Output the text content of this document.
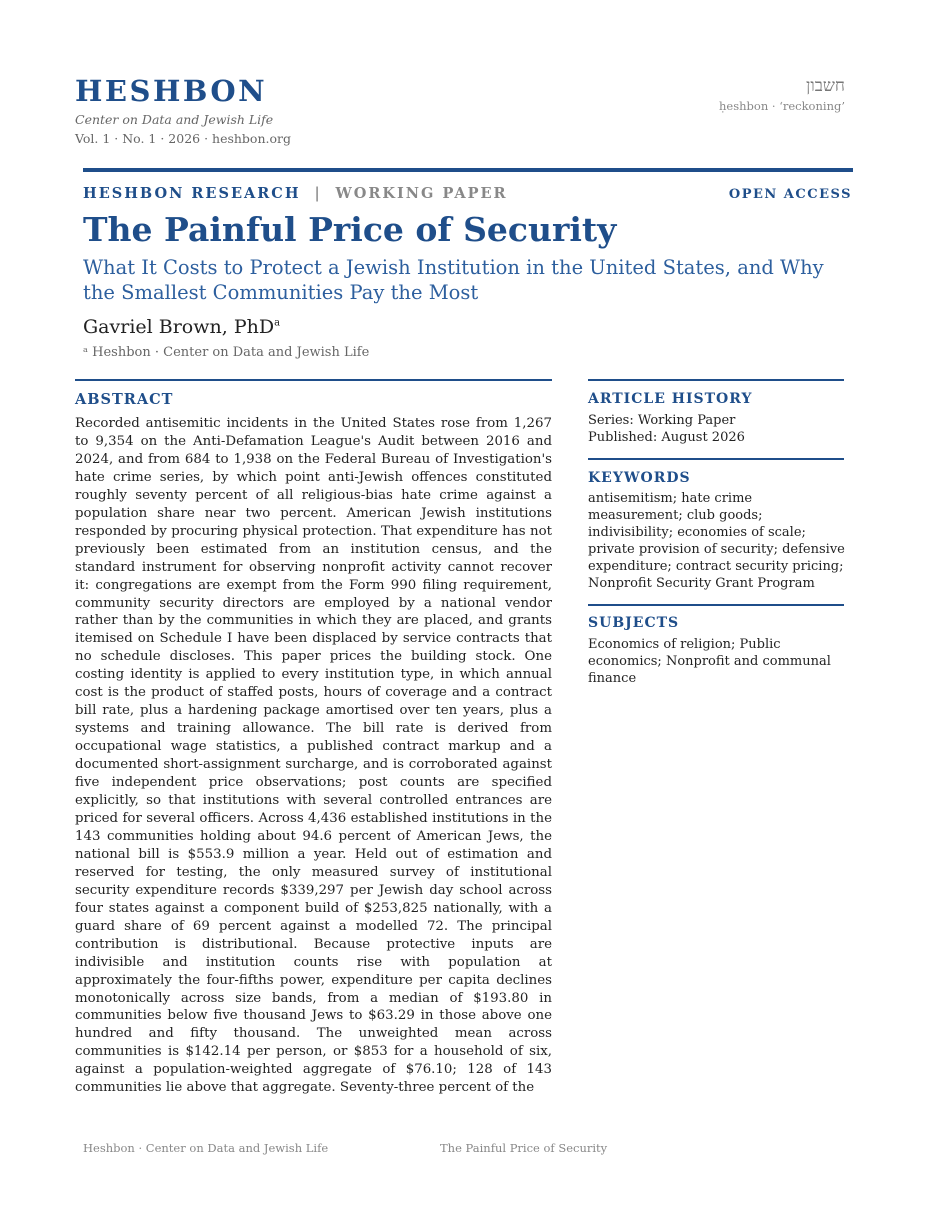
HESHBON
Center on Data and Jewish Life
Vol. 1 · No. 1 · 2026 · heshbon.org
חשבון
ḥeshbon · ‘reckoning’
HESHBON RESEARCH | WORKING PAPER	OPEN ACCESS
The Painful Price of Security
What It Costs to Protect a Jewish Institution in the United States, and Why the Smallest Communities Pay the Most
Gavriel Brown, PhD$^a$
ᵃ Heshbon · Center on Data and Jewish Life
ABSTRACT

Recorded antisemitic incidents in the United States rose from 1,267 to 9,354 on the Anti-Defamation League's Audit between 2016 and 2024, and from 684 to 1,938 on the Federal Bureau of Investigation's hate crime series, by which point anti-Jewish offences constituted roughly seventy percent of all religious-bias hate crime against a population share near two percent. American Jewish institutions responded by procuring physical protection. That expenditure has not previously been estimated from an institution census, and the standard instrument for observing nonprofit activity cannot recover it: congregations are exempt from the Form 990 filing requirement, community security directors are employed by a national vendor rather than by the communities in which they are placed, and grants itemised on Schedule I have been displaced by service contracts that no schedule discloses. This paper prices the building stock. One costing identity is applied to every institution type, in which annual cost is the product of staffed posts, hours of coverage and a contract bill rate, plus a hardening package amortised over ten years, plus a systems and training allowance. The bill rate is derived from occupational wage statistics, a published contract markup and a documented short-assignment surcharge, and is corroborated against five independent price observations; post counts are specified explicitly, so that institutions with several controlled entrances are priced for several officers. Across 4,436 established institutions in the 143 communities holding about 94.6 percent of American Jews, the national bill is $553.9 million a year. Held out of estimation and reserved for testing, the only measured survey of institutional security expenditure records $339,297 per Jewish day school across four states against a component build of $253,825 nationally, with a guard share of 69 percent against a modelled 72. The principal contribution is distributional. Because protective inputs are indivisible and institution counts rise with population at approximately the four-fifths power, expenditure per capita declines monotonically across size bands, from a median of $193.80 in communities below five thousand Jews to $63.29 in those above one hundred and fifty thousand. The unweighted mean across communities is $142.14 per person, or $853 for a household of six, against a population-weighted aggregate of $76.10; 128 of 143 communities lie above that aggregate. Seventy-three percent of the

ARTICLE HISTORY
Series: Working Paper
Published: August 2026
KEYWORDS

antisemitism; hate crime measurement; club goods; indivisibility; economies of scale; private provision of security; defensive expenditure; contract security pricing; Nonprofit Security Grant Program

SUBJECTS

Economics of religion; Public economics; Nonprofit and communal finance

Heshbon · Center on Data and Jewish Life	The Painful Price of Security
